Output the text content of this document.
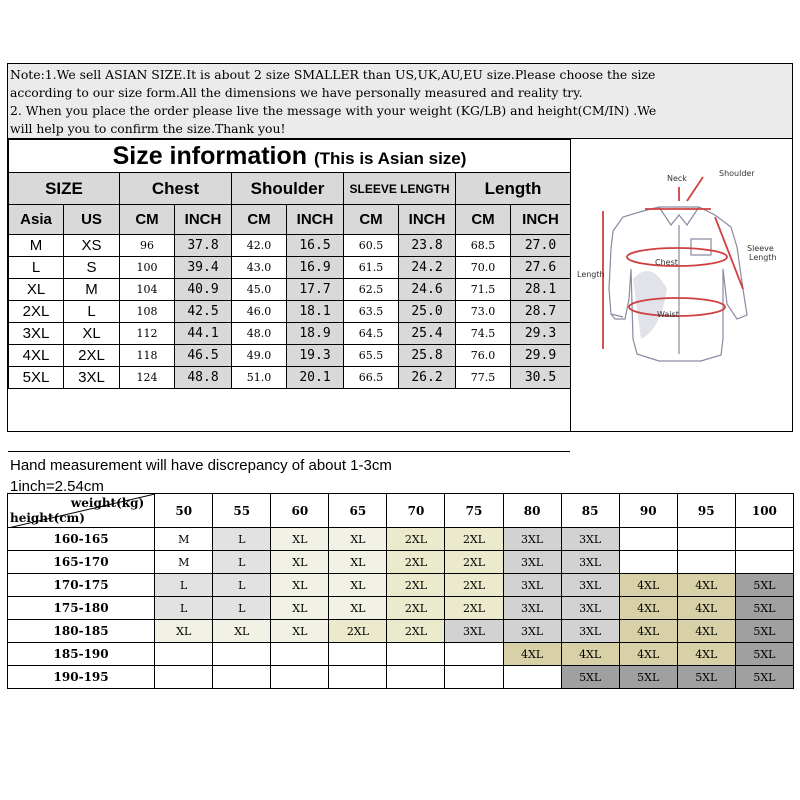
Note:1.We sell ASIAN SIZE.It is about 2 size SMALLER than US,UK,AU,EU size.Please choose the size
according to our size form.All the dimensions we have personally measured and reality try.
2. When you place the order please live the message with your weight (KG/LB) and height(CM/IN) .We
will help you to confirm the size.Thank you!
Size information (This is Asian size)									
SIZE		Chest		Shoulder		SLEEVE LENGTH		Length	
Asia	US	CM	INCH	CM	INCH	CM	INCH	CM	INCH
M	XS	96	37.8	42.0	16.5	60.5	23.8	68.5	27.0
L	S	100	39.4	43.0	16.9	61.5	24.2	70.0	27.6
XL	M	104	40.9	45.0	17.7	62.5	24.6	71.5	28.1
2XL	L	108	42.5	46.0	18.1	63.5	25.0	73.0	28.7
3XL	XL	112	44.1	48.0	18.9	64.5	25.4	74.5	29.3
4XL	2XL	118	46.5	49.0	19.3	65.5	25.8	76.0	29.9
5XL	3XL	124	48.8	51.0	20.1	66.5	26.2	77.5	30.5
Hand measurement will have discrepancy of about 1-3cm
1inch=2.54cm
Neck
Shoulder
Sleeve
Length
Length
Chest
Waist
weight(kg)
height(cm)	50	55	60	65	70	75	80	85	90	95	100
160-165	M	L	XL	XL	2XL	2XL	3XL	3XL			
165-170	M	L	XL	XL	2XL	2XL	3XL	3XL			
170-175	L	L	XL	XL	2XL	2XL	3XL	3XL	4XL	4XL	5XL
175-180	L	L	XL	XL	2XL	2XL	3XL	3XL	4XL	4XL	5XL
180-185	XL	XL	XL	2XL	2XL	3XL	3XL	3XL	4XL	4XL	5XL
185-190							4XL	4XL	4XL	4XL	5XL
190-195								5XL	5XL	5XL	5XL
